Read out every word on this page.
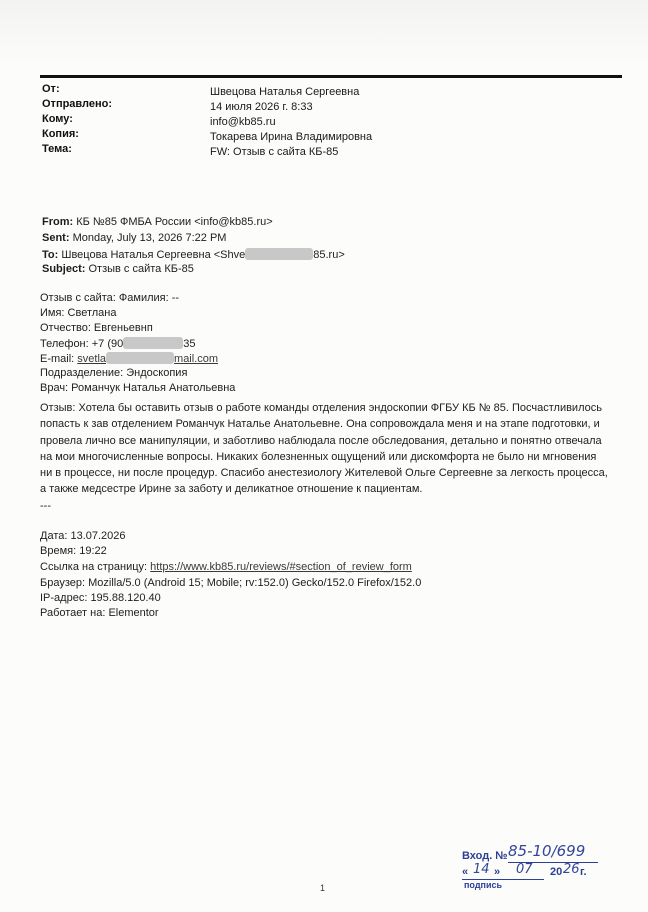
От:	Швецова Наталья Сергеевна
Отправлено:	14 июля 2026 г. 8:33
Кому:	info@kb85.ru
Копия:	Токарева Ирина Владимировна
Тема:	FW: Отзыв с сайта КБ-85
From: КБ №85 ФМБА России <info@kb85.ru>
Sent: Monday, July 13, 2026 7:22 PM
To: Швецова Наталья Сергеевна <Shve	85.ru>
Subject: Отзыв с сайта КБ-85
Отзыв с сайта: Фамилия: --
Имя: Светлана
Отчество: Евгеньевнп
Телефон: +7 (90	35
E-mail: svetla	mail.com
Подразделение: Эндоскопия
Врач: Романчук Наталья Анатольевна
Отзыв: Хотела бы оставить отзыв о работе команды отделения эндоскопии ФГБУ КБ № 85. Посчастливилось попасть к зав отделением Романчук Наталье Анатольевне. Она сопровождала меня и на этапе подготовки, и провела лично все манипуляции, и заботливо наблюдала после обследования, детально и понятно отвечала на мои многочисленные вопросы. Никаких болезненных ощущений или дискомфорта не было ни мгновения ни в процессе, ни после процедур. Спасибо анестезиологу Жителевой Ольге Сергеевне за легкость процесса, а также медсестре Ирине за заботу и деликатное отношение к пациентам.
---
Дата: 13.07.2026
Время: 19:22
Ссылка на страницу: https://www.kb85.ru/reviews/#section_of_review_form
Браузер: Mozilla/5.0 (Android 15; Mobile; rv:152.0) Gecko/152.0 Firefox/152.0
IP-адрес: 195.88.120.40
Работает на: Elementor
1
Вход. № 85-10/699
« 14 » 07 20 26 г.
подпись
